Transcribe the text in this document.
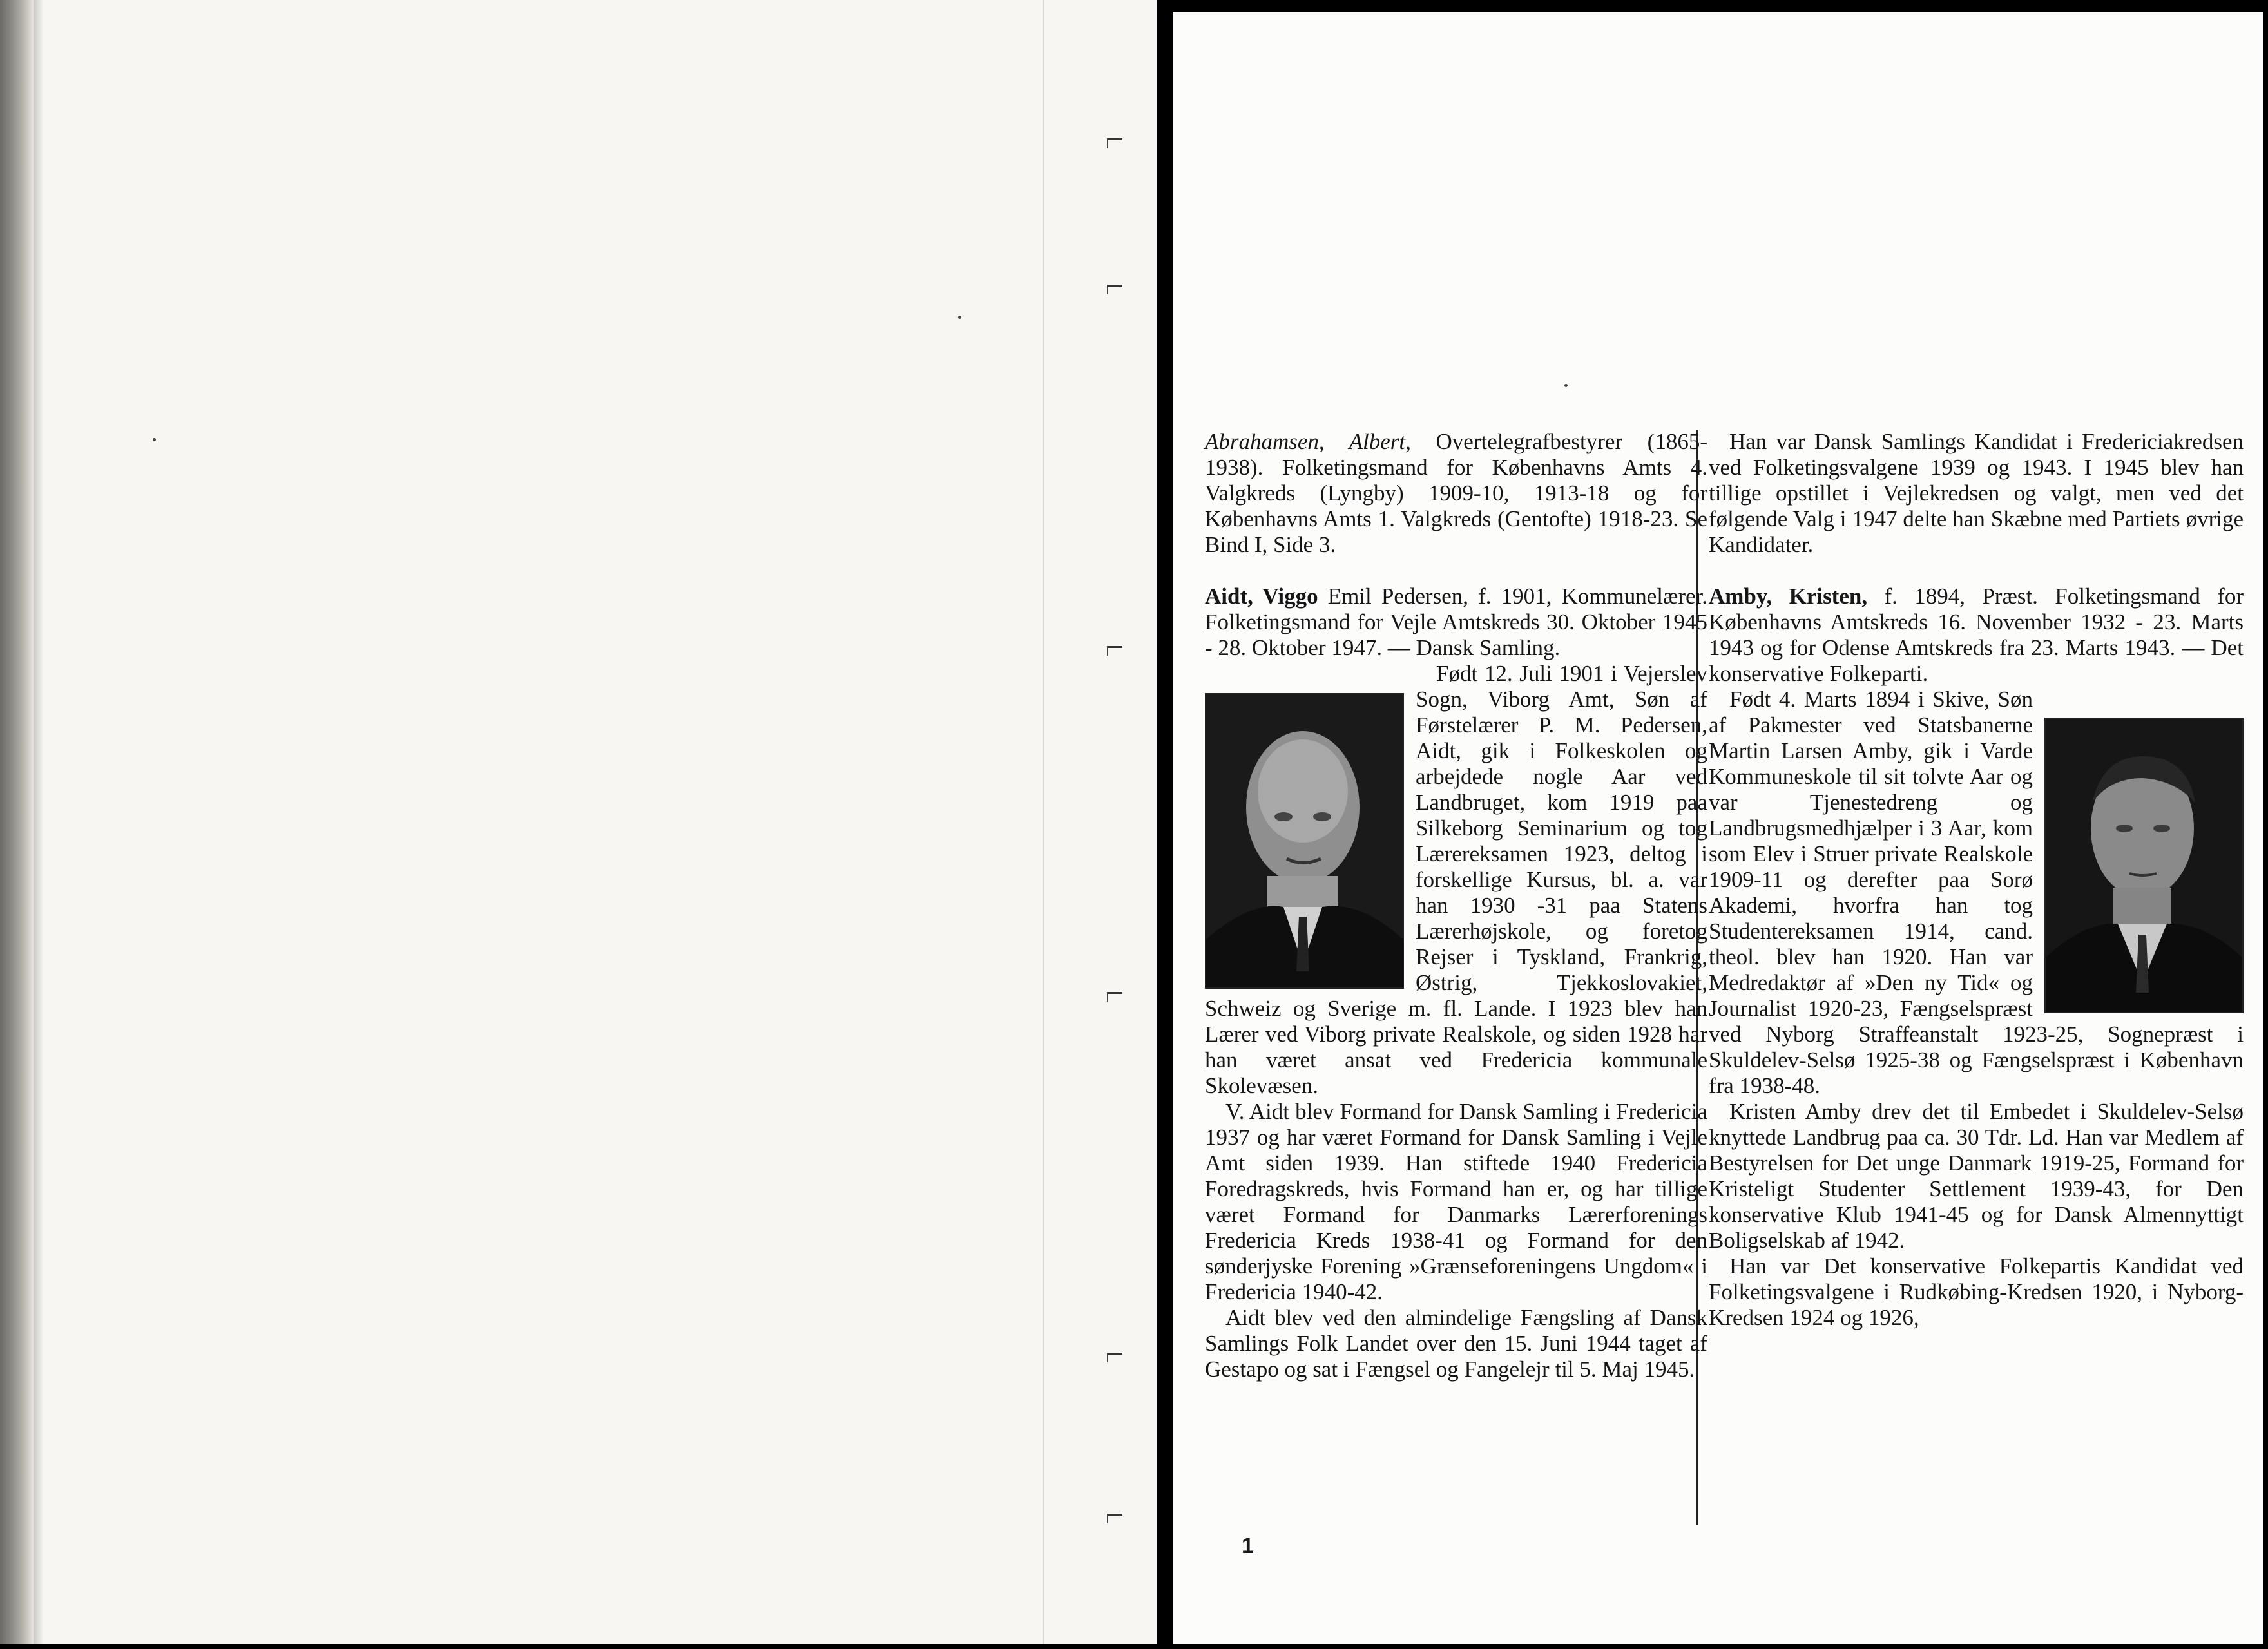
Abrahamsen, Albert, Overtelegrafbestyrer (1865-1938). Folketingsmand for Københavns Amts 4. Valgkreds (Lyngby) 1909-10, 1913-18 og for Københavns Amts 1. Valgkreds (Gentofte) 1918-23. Se Bind I, Side 3.

Aidt, Viggo Emil Pedersen, f. 1901, Kommunelærer. Folketingsmand for Vejle Amtskreds 30. Oktober 1945 - 28. Oktober 1947. — Dansk Samling.

Født 12. Juli 1901 i Vejerslev Sogn, Viborg Amt, Søn af Førstelærer P. M. Pedersen, Aidt, gik i Folkeskolen og arbejdede nogle Aar ved Landbruget, kom 1919 paa Silkeborg Seminarium og tog Lærereksamen 1923, deltog i forskellige Kursus, bl. a. var han 1930 -31 paa Statens Lærerhøjskole, og foretog Rejser i Tyskland, Frankrig, Østrig, Tjekkoslovakiet, Schweiz og Sverige m. fl. Lande. I 1923 blev han Lærer ved Viborg private Realskole, og siden 1928 har han været ansat ved Fredericia kommunale Skolevæsen.

V. Aidt blev Formand for Dansk Samling i Fredericia 1937 og har været Formand for Dansk Samling i Vejle Amt siden 1939. Han stiftede 1940 Fredericia Foredragskreds, hvis Formand han er, og har tillige været Formand for Danmarks Lærerforenings Fredericia Kreds 1938-41 og Formand for den sønderjyske Forening »Grænseforeningens Ungdom« i Fredericia 1940-42.

Aidt blev ved den almindelige Fængsling af Dansk Samlings Folk Landet over den 15. Juni 1944 taget af Gestapo og sat i Fængsel og Fangelejr til 5. Maj 1945.

Han var Dansk Samlings Kandidat i Fredericiakredsen ved Folketingsvalgene 1939 og 1943. I 1945 blev han tillige opstillet i Vejlekredsen og valgt, men ved det følgende Valg i 1947 delte han Skæbne med Partiets øvrige Kandidater.

Amby, Kristen, f. 1894, Præst. Folketingsmand for Københavns Amtskreds 16. November 1932 - 23. Marts 1943 og for Odense Amtskreds fra 23. Marts 1943. — Det konservative Folkeparti.

Født 4. Marts 1894 i Skive, Søn af Pakmester ved Statsbanerne Martin Larsen Amby, gik i Varde Kommuneskole til sit tolvte Aar og var Tjenestedreng og Landbrugsmedhjælper i 3 Aar, kom som Elev i Struer private Realskole 1909-11 og derefter paa Sorø Akademi, hvorfra han tog Studentereksamen 1914, cand. theol. blev han 1920. Han var Medredaktør af »Den ny Tid« og Journalist 1920-23, Fængselspræst ved Nyborg Straffeanstalt 1923-25, Sognepræst i Skuldelev-Selsø 1925-38 og Fængselspræst i København fra 1938-48.

Kristen Amby drev det til Embedet i Skuldelev-Selsø knyttede Landbrug paa ca. 30 Tdr. Ld. Han var Medlem af Bestyrelsen for Det unge Danmark 1919-25, Formand for Kristeligt Studenter Settlement 1939-43, for Den konservative Klub 1941-45 og for Dansk Almennyttigt Boligselskab af 1942.

Han var Det konservative Folkepartis Kandidat ved Folketingsvalgene i Rudkøbing-Kredsen 1920, i Nyborg-Kredsen 1924 og 1926,

1
